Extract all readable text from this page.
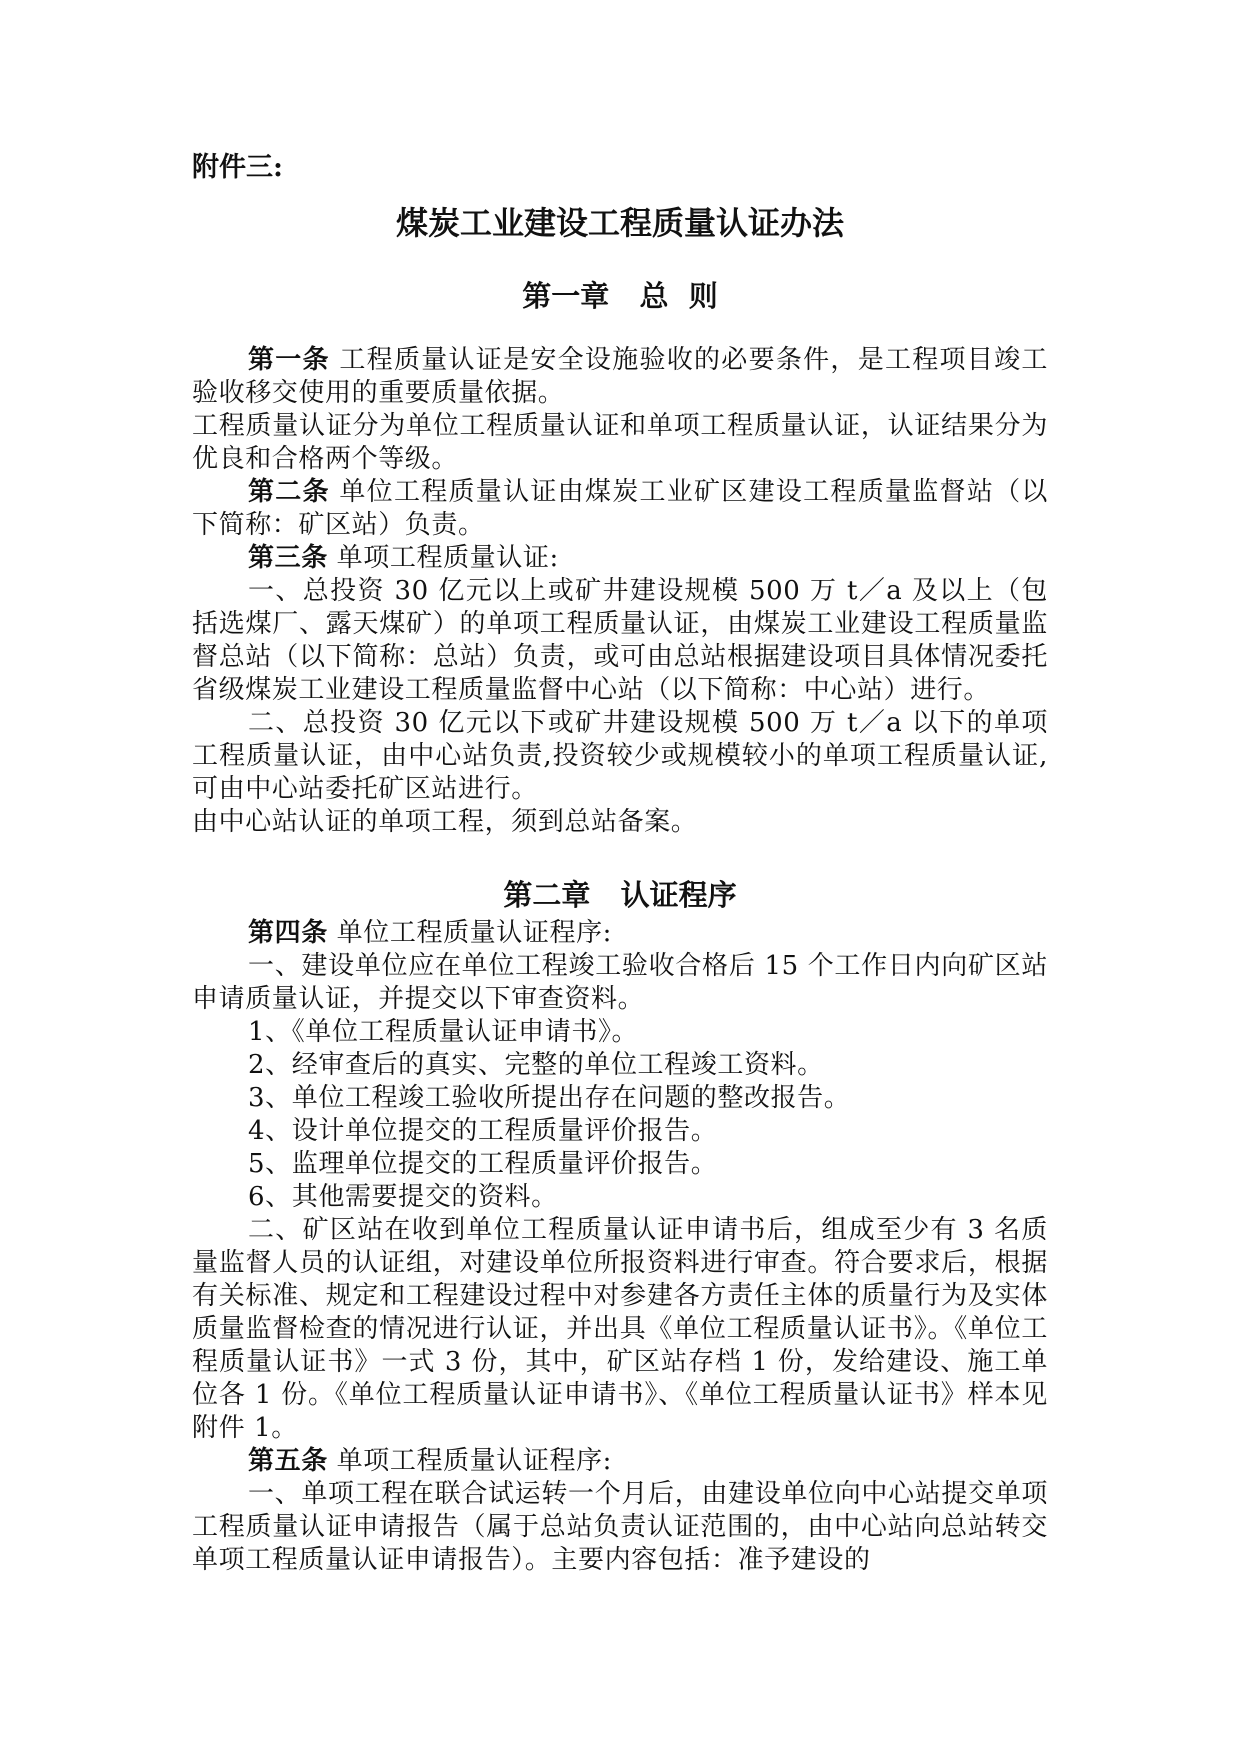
附件三:
煤炭工业建设工程质量认证办法
第一章   总  则

第一条 工程质量认证是安全设施验收的必要条件，是工程项目竣工验收移交使用的重要质量依据。

工程质量认证分为单位工程质量认证和单项工程质量认证，认证结果分为优良和合格两个等级。

第二条 单位工程质量认证由煤炭工业矿区建设工程质量监督站（以下简称：矿区站）负责。

第三条 单项工程质量认证:

一、总投资 30 亿元以上或矿井建设规模 500 万 t／a 及以上（包括选煤厂、露天煤矿）的单项工程质量认证，由煤炭工业建设工程质量监督总站（以下简称：总站）负责，或可由总站根据建设项目具体情况委托省级煤炭工业建设工程质量监督中心站（以下简称：中心站）进行。

二、总投资 30 亿元以下或矿井建设规模 500 万 t／a 以下的单项工程质量认证，由中心站负责,投资较少或规模较小的单项工程质量认证,可由中心站委托矿区站进行。

由中心站认证的单项工程，须到总站备案。

第二章   认证程序

第四条 单位工程质量认证程序:

一、建设单位应在单位工程竣工验收合格后 15 个工作日内向矿区站申请质量认证，并提交以下审查资料。

1、《单位工程质量认证申请书》。

2、经审查后的真实、完整的单位工程竣工资料。

3、单位工程竣工验收所提出存在问题的整改报告。

4、设计单位提交的工程质量评价报告。

5、监理单位提交的工程质量评价报告。

6、其他需要提交的资料。

二、矿区站在收到单位工程质量认证申请书后，组成至少有 3 名质量监督人员的认证组，对建设单位所报资料进行审查。符合要求后，根据有关标准、规定和工程建设过程中对参建各方责任主体的质量行为及实体质量监督检查的情况进行认证，并出具《单位工程质量认证书》。《单位工程质量认证书》一式 3 份，其中，矿区站存档 1 份，发给建设、施工单位各 1 份。《单位工程质量认证申请书》、《单位工程质量认证书》样本见附件 1。

第五条 单项工程质量认证程序:

一、单项工程在联合试运转一个月后，由建设单位向中心站提交单项工程质量认证申请报告（属于总站负责认证范围的，由中心站向总站转交单项工程质量认证申请报告）。主要内容包括：准予建设的
